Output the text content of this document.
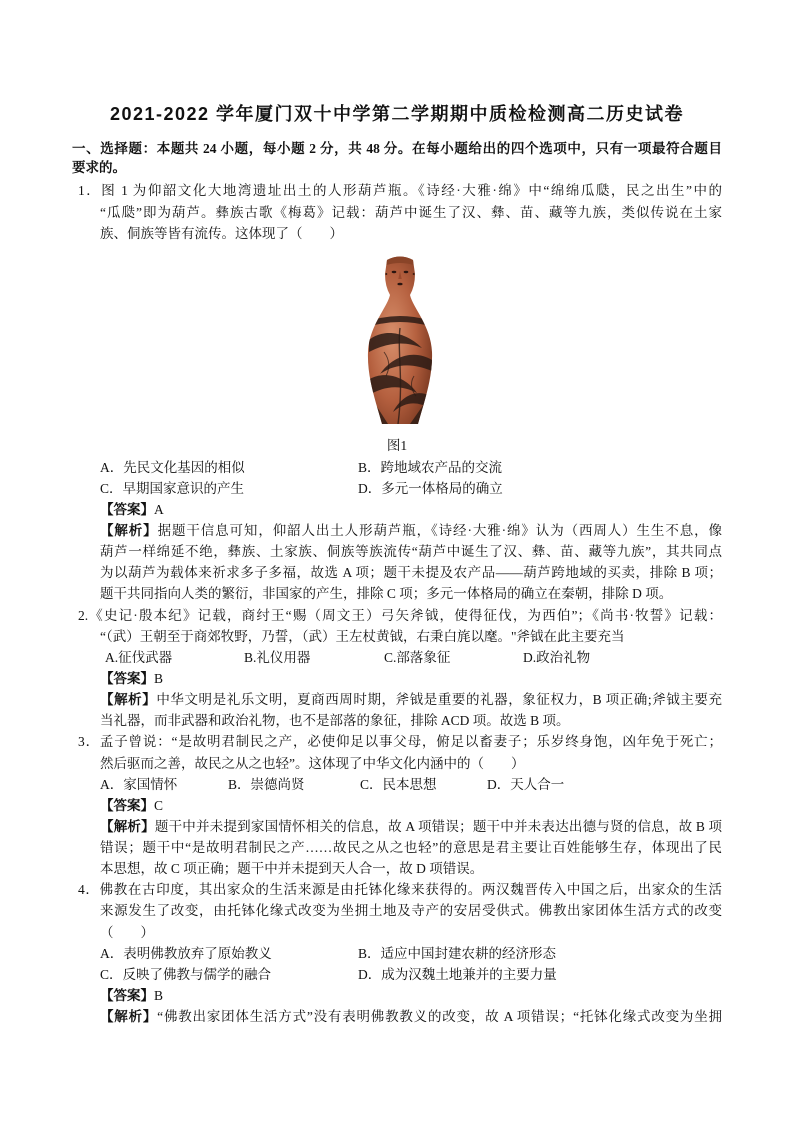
2021-2022 学年厦门双十中学第二学期期中质检检测高二历史试卷
一、选择题：本题共 24 小题，每小题 2 分，共 48 分。在每小题给出的四个选项中，只有一项最符合题目
要求的。
1．图 1 为仰韶文化大地湾遗址出土的人形葫芦瓶。《诗经·大雅·绵》中“绵绵瓜瓞，民之出生”中的
“瓜瓞”即为葫芦。彝族古歌《梅葛》记载：葫芦中诞生了汉、彝、苗、藏等九族，类似传说在土家
族、侗族等皆有流传。这体现了（　　）
图1
A．先民文化基因的相似	B．跨地域农产品的交流
C．早期国家意识的产生	D．多元一体格局的确立
【答案】A
【解析】据题干信息可知，仰韶人出土人形葫芦瓶，《诗经·大雅·绵》认为（西周人）生生不息，像
葫芦一样绵延不绝，彝族、土家族、侗族等族流传“葫芦中诞生了汉、彝、苗、藏等九族”，其共同点
为以葫芦为载体来祈求多子多福，故选 A 项；题干未提及农产品——葫芦跨地域的买卖，排除 B 项；
题干共同指向人类的繁衍，非国家的产生，排除 C 项；多元一体格局的确立在秦朝，排除 D 项。
2.《史记·殷本纪》记载，商纣王“赐（周文王）弓矢斧钺，使得征伐，为西伯”；《尚书·牧誓》记载：
“（武）王朝至于商郊牧野，乃誓，（武）王左杖黄钺，右秉白旄以麾。"斧钺在此主要充当
A.征伐武器	B.礼仪用器	C.部落象征	D.政治礼物
【答案】B
【解析】中华文明是礼乐文明，夏商西周时期，斧钺是重要的礼器，象征权力，B 项正确;斧钺主要充
当礼器，而非武器和政治礼物，也不是部落的象征，排除 ACD 项。故选 B 项。
3．孟子曾说：“是故明君制民之产，必使仰足以事父母，俯足以畜妻子；乐岁终身饱，凶年免于死亡；
然后驱而之善，故民之从之也轻”。这体现了中华文化内涵中的（　　）
A．家国情怀	B．崇德尚贤	C．民本思想	D．天人合一
【答案】C
【解析】题干中并未提到家国情怀相关的信息，故 A 项错误；题干中并未表达出德与贤的信息，故 B 项
错误；题干中“是故明君制民之产……故民之从之也轻”的意思是君主要让百姓能够生存，体现出了民
本思想，故 C 项正确；题干中并未提到天人合一，故 D 项错误。
4．佛教在古印度，其出家众的生活来源是由托钵化缘来获得的。两汉魏晋传入中国之后，出家众的生活
来源发生了改变，由托钵化缘式改变为坐拥土地及寺产的安居受供式。佛教出家团体生活方式的改变
（　　）
A．表明佛教放弃了原始教义	B．适应中国封建农耕的经济形态
C．反映了佛教与儒学的融合	D．成为汉魏土地兼并的主要力量
【答案】B
【解析】“佛教出家团体生活方式”没有表明佛教教义的改变，故 A 项错误；“托钵化缘式改变为坐拥
